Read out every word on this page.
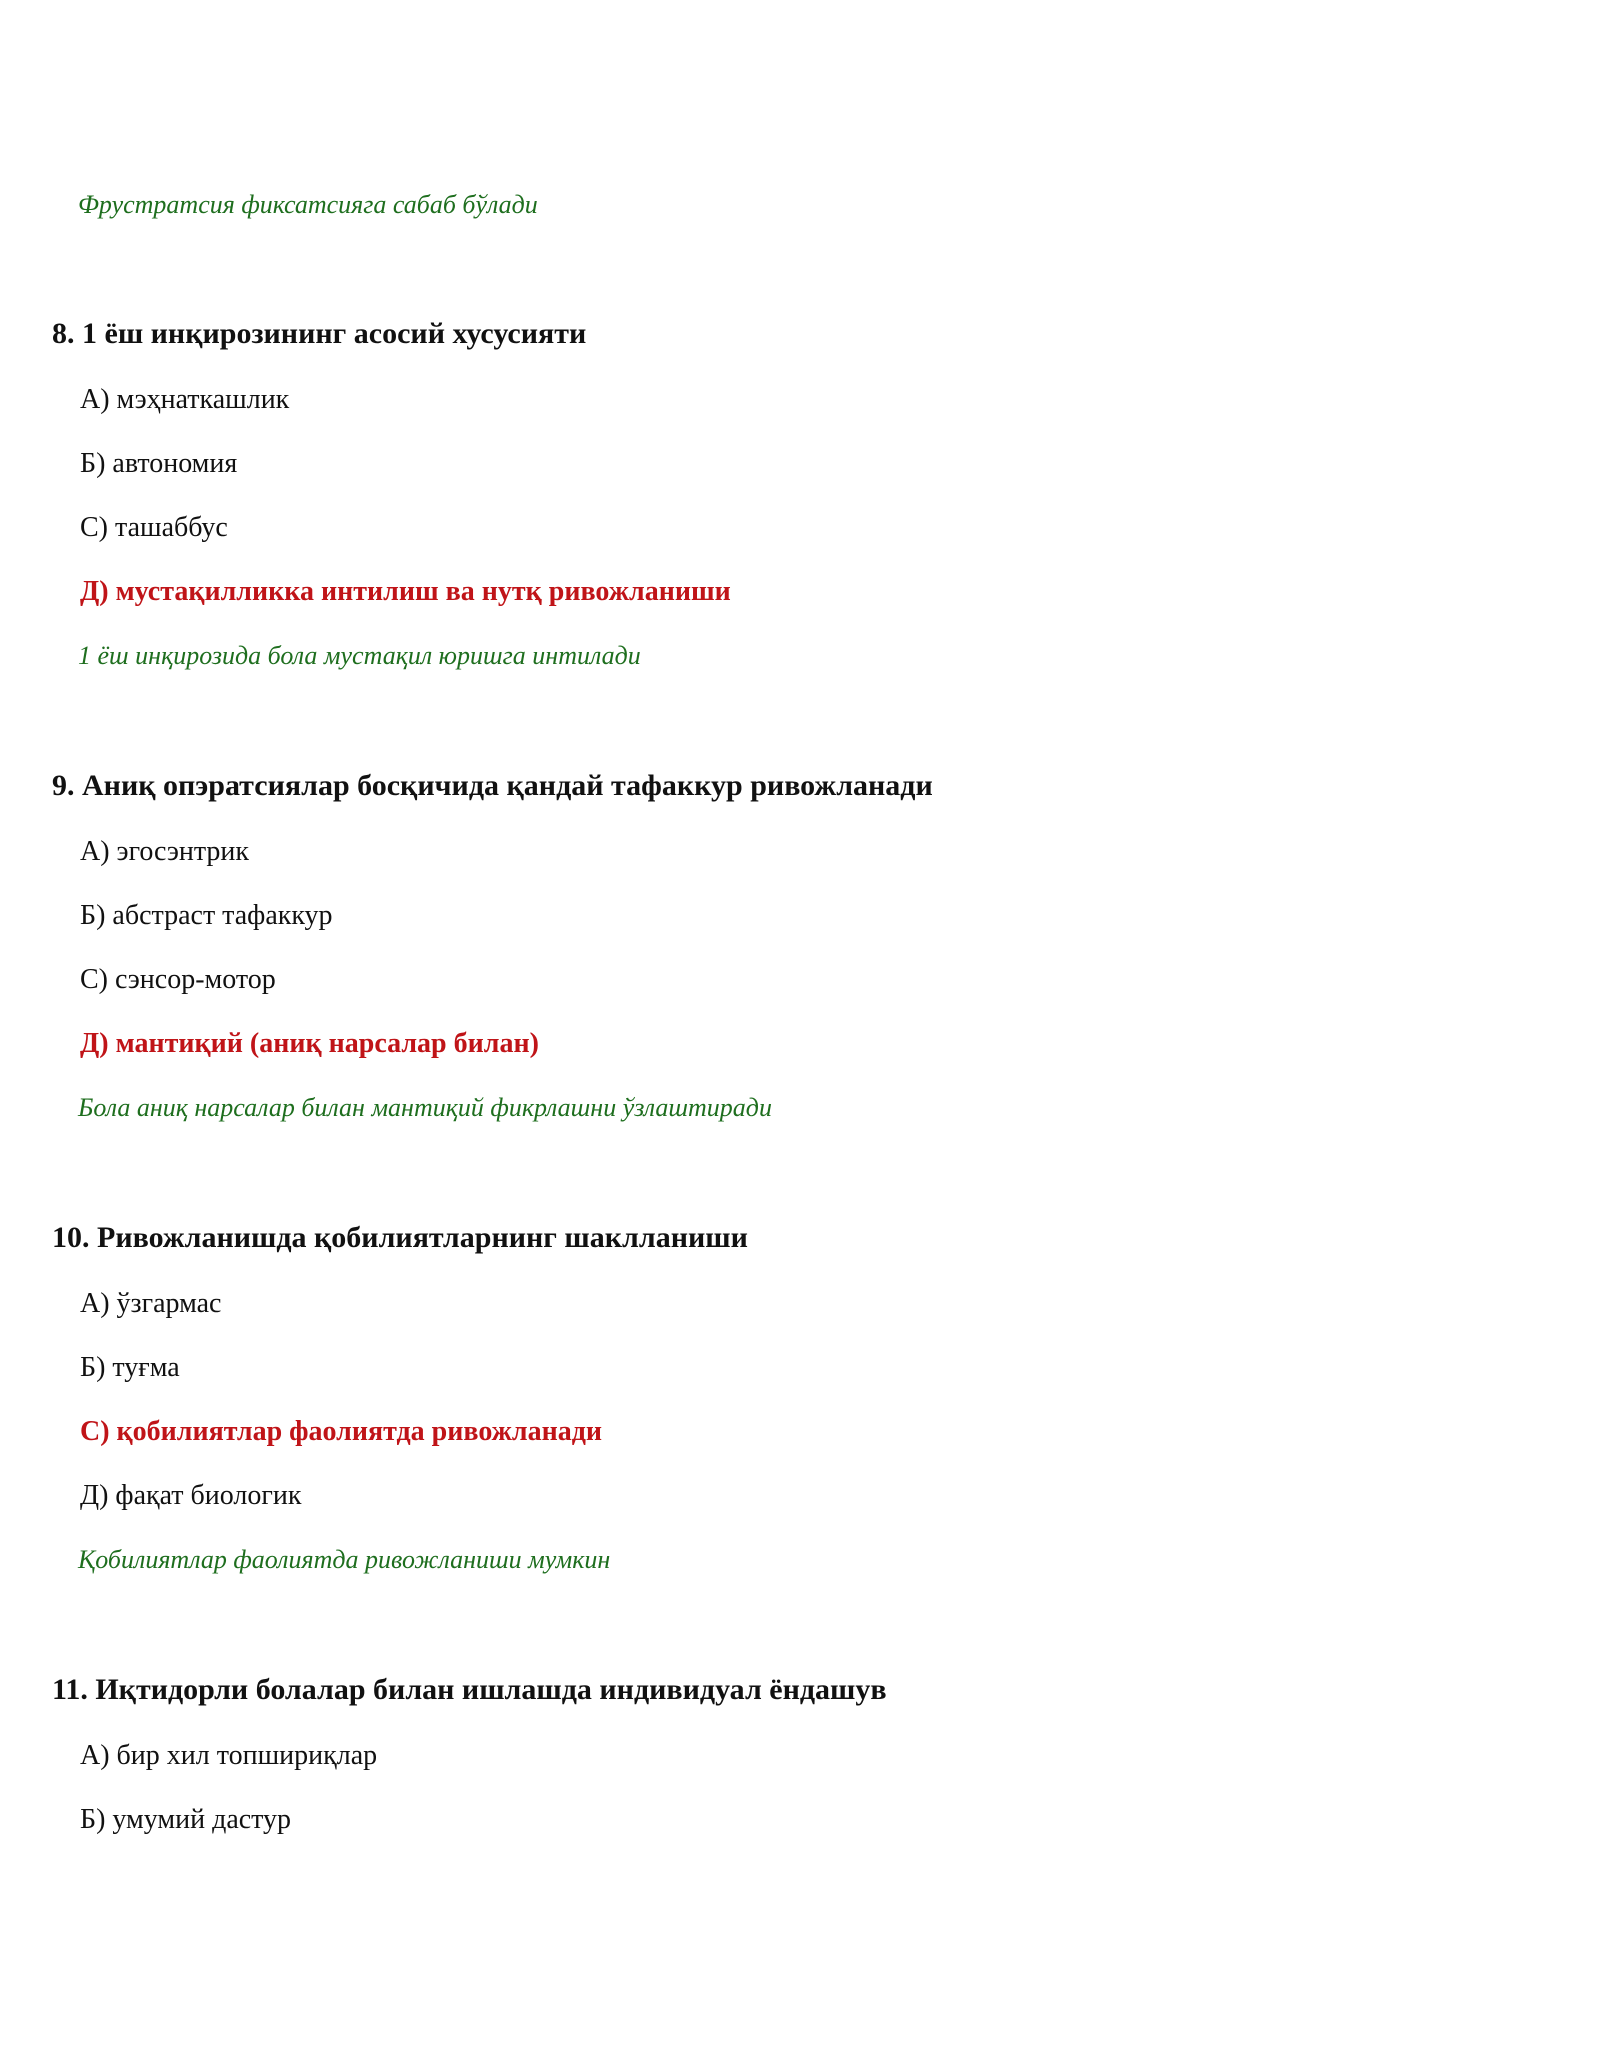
Фрустратсия фиксатсияга сабаб бўлади
8. 1 ёш инқирозининг асосий хусусияти
А) мэҳнаткашлик
Б) автономия
С) ташаббус
Д) мустақилликка интилиш ва нутқ ривожланиши
1 ёш инқирозида бола мустақил юришга интилади
9. Аниқ опэратсиялар босқичида қандай тафаккур ривожланади
А) эгосэнтрик
Б) абстраст тафаккур
С) сэнсор-мотор
Д) мантиқий (аниқ нарсалар билан)
Бола аниқ нарсалар билан мантиқий фикрлашни ўзлаштиради
10. Ривожланишда қобилиятларнинг шаклланиши
А) ўзгармас
Б) туғма
С) қобилиятлар фаолиятда ривожланади
Д) фақат биологик
Қобилиятлар фаолиятда ривожланиши мумкин
11. Иқтидорли болалар билан ишлашда индивидуал ёндашув
А) бир хил топшириқлар
Б) умумий дастур
